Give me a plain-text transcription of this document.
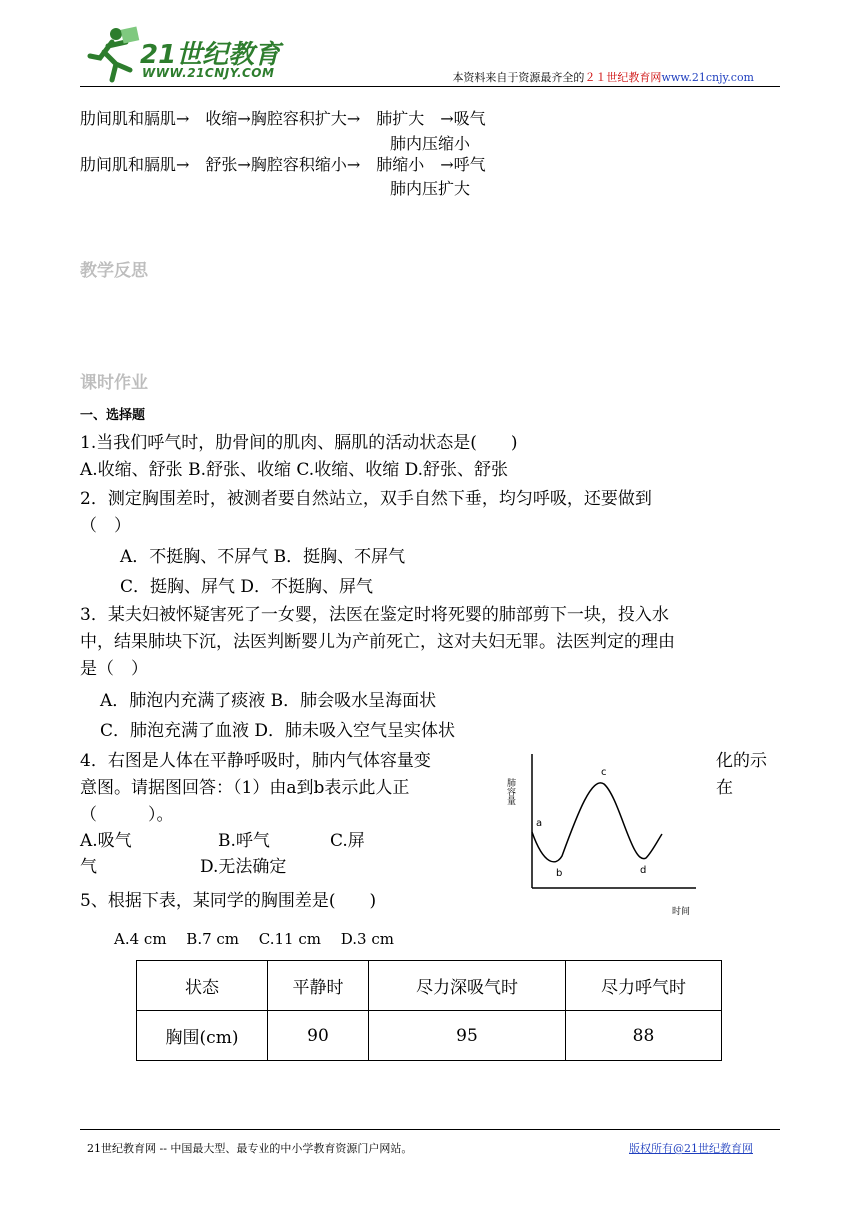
21世纪教育
WWW.21CNJY.COM	本资料来自于资源最齐全的２１世纪教育网www.21cnjy.com
肋间肌和膈肌→　收缩→胸腔容积扩大→　肺扩大　→吸气
肺内压缩小
肋间肌和膈肌→　舒张→胸腔容积缩小→　肺缩小　→呼气
肺内压扩大
教学反思
课时作业
一、选择题
1.当我们呼气时，肋骨间的肌肉、膈肌的活动状态是(　　)
A.收缩、舒张 B.舒张、收缩 C.收缩、收缩 D.舒张、舒张
2．测定胸围差时，被测者要自然站立，双手自然下垂，均匀呼吸，还要做到
（　）
A．不挺胸、不屏气 B．挺胸、不屏气
C．挺胸、屏气 D．不挺胸、屏气
3．某夫妇被怀疑害死了一女婴，法医在鉴定时将死婴的肺部剪下一块，投入水
中，结果肺块下沉，法医判断婴儿为产前死亡，这对夫妇无罪。法医判定的理由
是（　）
A．肺泡内充满了痰液 B．肺会吸水呈海面状
C．肺泡充满了血液 D．肺未吸入空气呈实体状
4．右图是人体在平静呼吸时，肺内气体容量变	化的示
意图。请据图回答：（1）由a到b表示此人正	在
（　　　）。
A.吸气	B.呼气	C.屏
气	D.无法确定
肺容量
时间
a
b
c
d
5、根据下表，某同学的胸围差是(　　)
A.4 cm　 B.7 cm　 C.11 cm　 D.3 cm
状态	平静时	尽力深吸气时	尽力呼气时
胸围(cm)	90	95	88
21世纪教育网 -- 中国最大型、最专业的中小学教育资源门户网站。	版权所有@21世纪教育网
